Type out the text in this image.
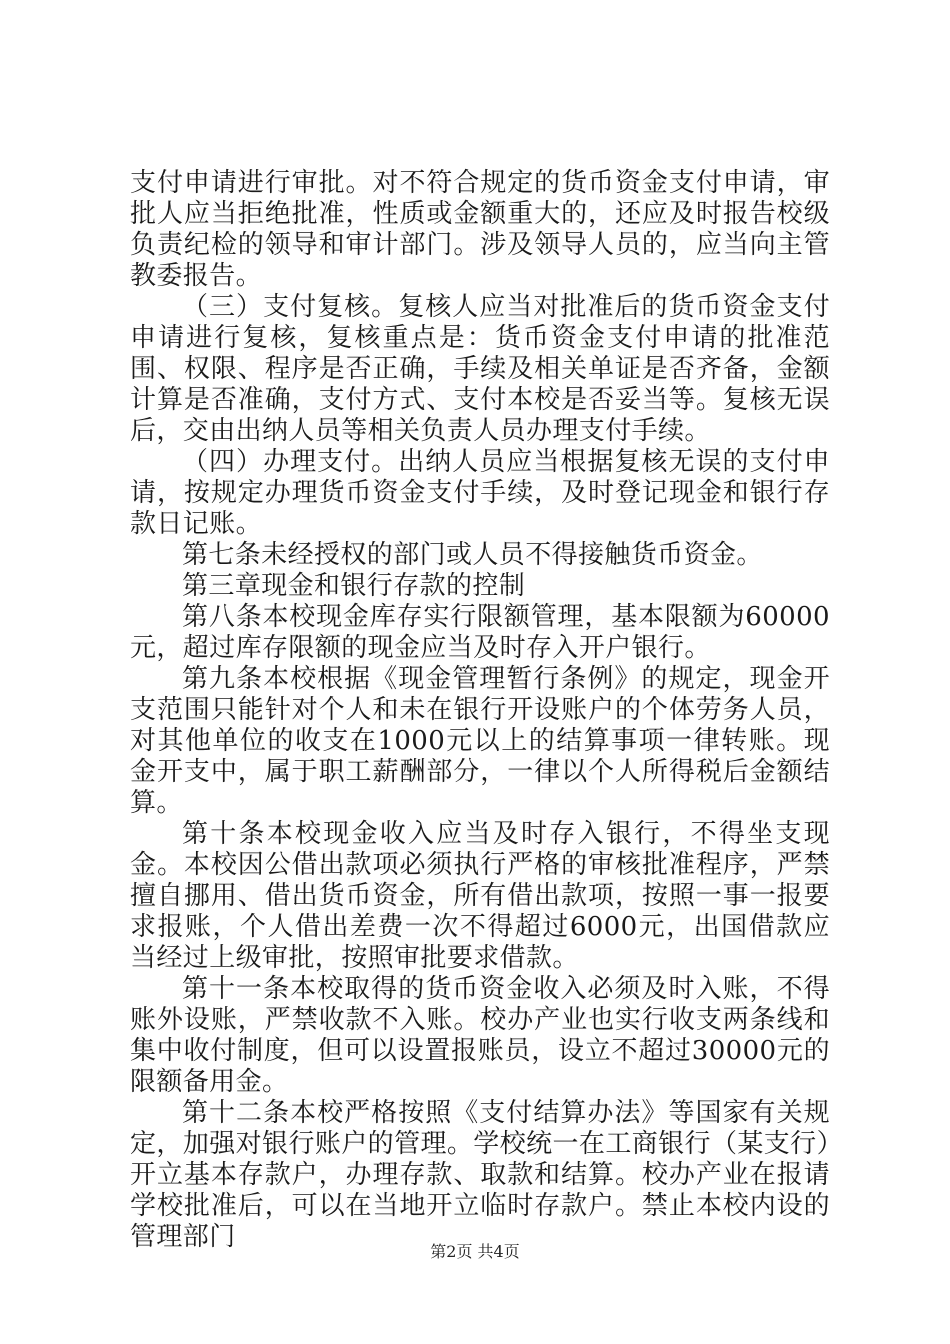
支付申请进行审批。对不符合规定的货币资金支付申请，审批人应当拒绝批准，性质或金额重大的，还应及时报告校级负责纪检的领导和审计部门。涉及领导人员的，应当向主管教委报告。

（三）支付复核。复核人应当对批准后的货币资金支付申请进行复核，复核重点是：货币资金支付申请的批准范围、权限、程序是否正确，手续及相关单证是否齐备，金额计算是否准确，支付方式、支付本校是否妥当等。复核无误后，交由出纳人员等相关负责人员办理支付手续。

（四）办理支付。出纳人员应当根据复核无误的支付申请，按规定办理货币资金支付手续，及时登记现金和银行存款日记账。

第七条未经授权的部门或人员不得接触货币资金。

第三章现金和银行存款的控制

第八条本校现金库存实行限额管理，基本限额为60000元，超过库存限额的现金应当及时存入开户银行。

第九条本校根据《现金管理暂行条例》的规定，现金开支范围只能针对个人和未在银行开设账户的个体劳务人员，对其他单位的收支在1000元以上的结算事项一律转账。现金开支中，属于职工薪酬部分，一律以个人所得税后金额结算。

第十条本校现金收入应当及时存入银行，不得坐支现金。本校因公借出款项必须执行严格的审核批准程序，严禁擅自挪用、借出货币资金，所有借出款项，按照一事一报要求报账，个人借出差费一次不得超过6000元，出国借款应当经过上级审批，按照审批要求借款。

第十一条本校取得的货币资金收入必须及时入账，不得账外设账，严禁收款不入账。校办产业也实行收支两条线和集中收付制度，但可以设置报账员，设立不超过30000元的限额备用金。

第十二条本校严格按照《支付结算办法》等国家有关规定，加强对银行账户的管理。学校统一在工商银行（某支行）开立基本存款户，办理存款、取款和结算。校办产业在报请学校批准后，可以在当地开立临时存款户。禁止本校内设的管理部门	第2页 共4页
